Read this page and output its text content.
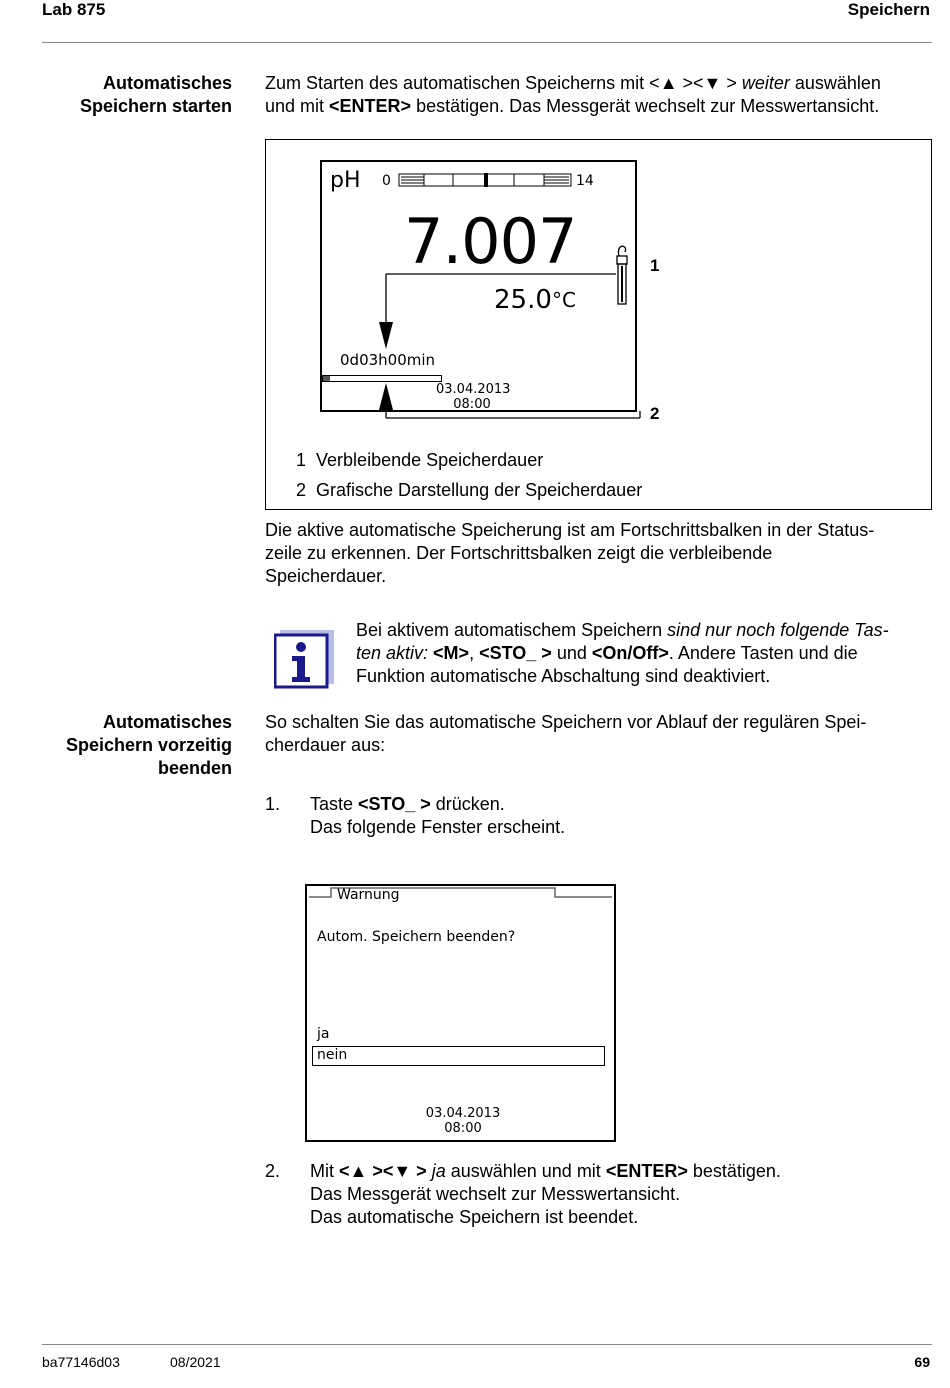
Lab 875	Speichern
Automatisches
Speichern starten
Zum Starten des automatischen Speicherns mit <▲ ><▼ > weiter auswählen
und mit <ENTER> bestätigen. Das Messgerät wechselt zur Messwertansicht.
pH 0	14
7.007
25.0 °C
0d03h00min
03.04.2013
08:00
1
2
1 Verbleibende Speicherdauer
2 Grafische Darstellung der Speicherdauer
Die aktive automatische Speicherung ist am Fortschrittsbalken in der Status-
zeile zu erkennen. Der Fortschrittsbalken zeigt die verbleibende
Speicherdauer.
Bei aktivem automatischem Speichern sind nur noch folgende Tas-
ten aktiv: <M>, <STO_ > und <On/Off>. Andere Tasten und die
Funktion automatische Abschaltung sind deaktiviert.
Automatisches
Speichern vorzeitig
beenden
So schalten Sie das automatische Speichern vor Ablauf der regulären Spei-
cherdauer aus:
1. Taste <STO_ > drücken.
Das folgende Fenster erscheint.
Warnung
Autom. Speichern beenden?
ja
nein
03.04.2013
08:00
2. Mit <▲ ><▼ > ja auswählen und mit <ENTER> bestätigen.
Das Messgerät wechselt zur Messwertansicht.
Das automatische Speichern ist beendet.
ba77146d03	08/2021	69
